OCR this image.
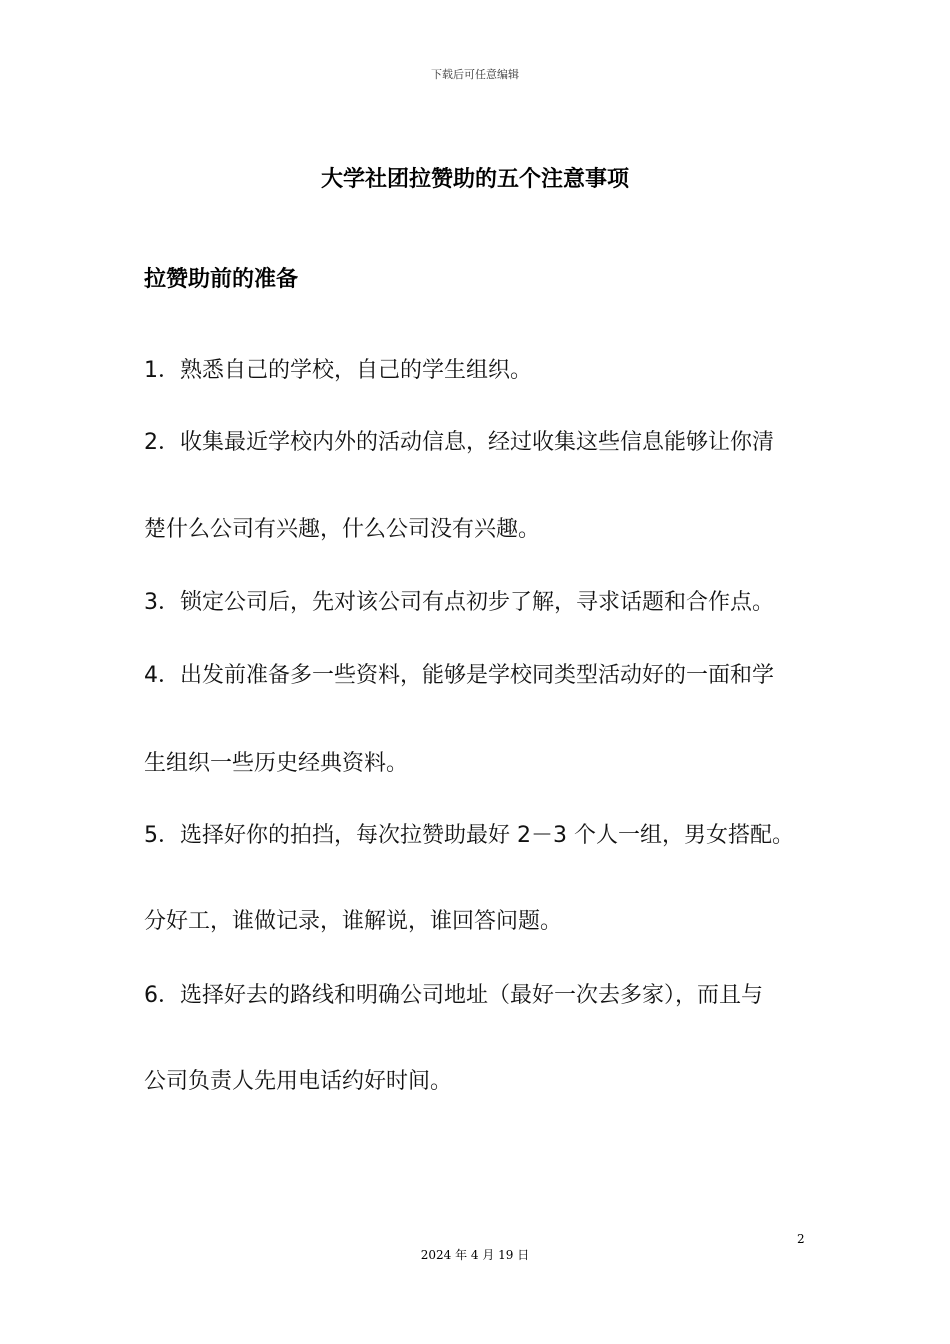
下载后可任意编辑
大学社团拉赞助的五个注意事项
拉赞助前的准备
1．熟悉自己的学校，自己的学生组织。
2．收集最近学校内外的活动信息，经过收集这些信息能够让你清
楚什么公司有兴趣，什么公司没有兴趣。
3．锁定公司后，先对该公司有点初步了解，寻求话题和合作点。
4．出发前准备多一些资料，能够是学校同类型活动好的一面和学
生组织一些历史经典资料。
5．选择好你的拍挡，每次拉赞助最好 2－3 个人一组，男女搭配。
分好工，谁做记录，谁解说，谁回答问题。
6．选择好去的路线和明确公司地址（最好一次去多家），而且与
公司负责人先用电话约好时间。
2
2024 年 4 月 19 日
